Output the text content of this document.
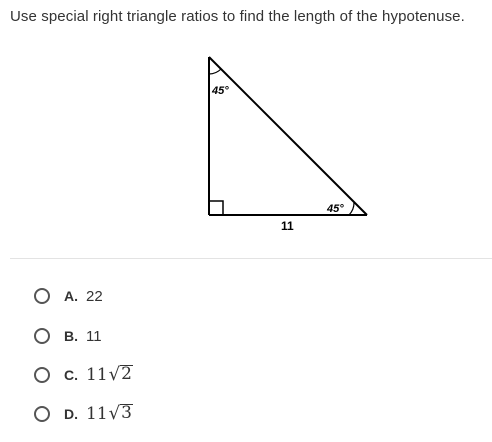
Use special right triangle ratios to find the length of the hypotenuse.
45°
45°
11
A. 22
B. 11
C. 11 √ 2
D. 11 √ 3
